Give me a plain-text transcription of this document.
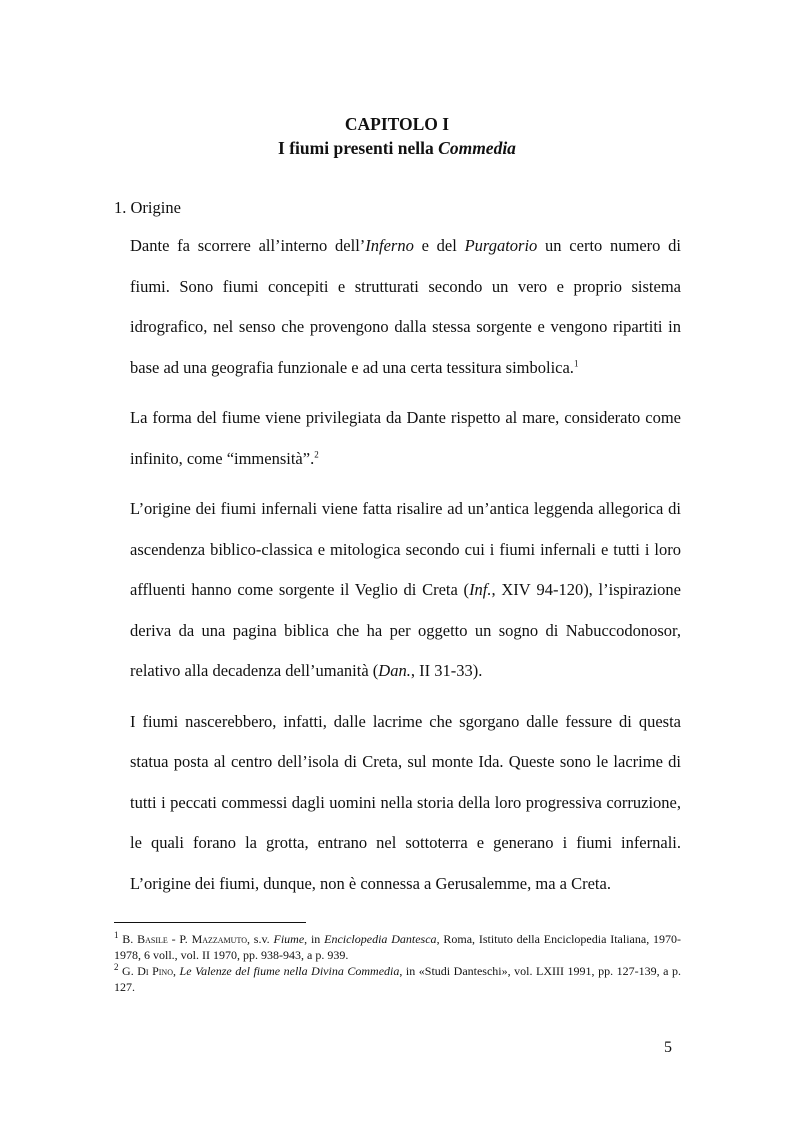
CAPITOLO I
I fiumi presenti nella Commedia
1. Origine

Dante fa scorrere all’interno dell’Inferno e del Purgatorio un certo numero di fiumi. Sono fiumi concepiti e strutturati secondo un vero e proprio sistema idrografico, nel senso che provengono dalla stessa sorgente e vengono ripartiti in base ad una geografia funzionale e ad una certa tessitura simbolica.$^1$

La forma del fiume viene privilegiata da Dante rispetto al mare, considerato come infinito, come “immensità”.$^2$

L’origine dei fiumi infernali viene fatta risalire ad un’antica leggenda allegorica di ascendenza biblico-classica e mitologica secondo cui i fiumi infernali e tutti i loro affluenti hanno come sorgente il Veglio di Creta (Inf., XIV 94-120), l’ispirazione deriva da una pagina biblica che ha per oggetto un sogno di Nabuccodonosor, relativo alla decadenza dell’umanità (Dan., II 31-33).

I fiumi nascerebbero, infatti, dalle lacrime che sgorgano dalle fessure di questa statua posta al centro dell’isola di Creta, sul monte Ida. Queste sono le lacrime di tutti i peccati commessi dagli uomini nella storia della loro progressiva corruzione, le quali forano la grotta, entrano nel sottoterra e generano i fiumi infernali. L’origine dei fiumi, dunque, non è connessa a Gerusalemme, ma a Creta.

$^1$ B. Basile - P. Mazzamuto, s.v. Fiume, in Enciclopedia Dantesca, Roma, Istituto della Enciclopedia Italiana, 1970-1978, 6 voll., vol. II 1970, pp. 938-943, a p. 939.

$^2$ G. Di Pino, Le Valenze del fiume nella Divina Commedia, in «Studi Danteschi», vol. LXIII 1991, pp. 127-139, a p. 127.

5
